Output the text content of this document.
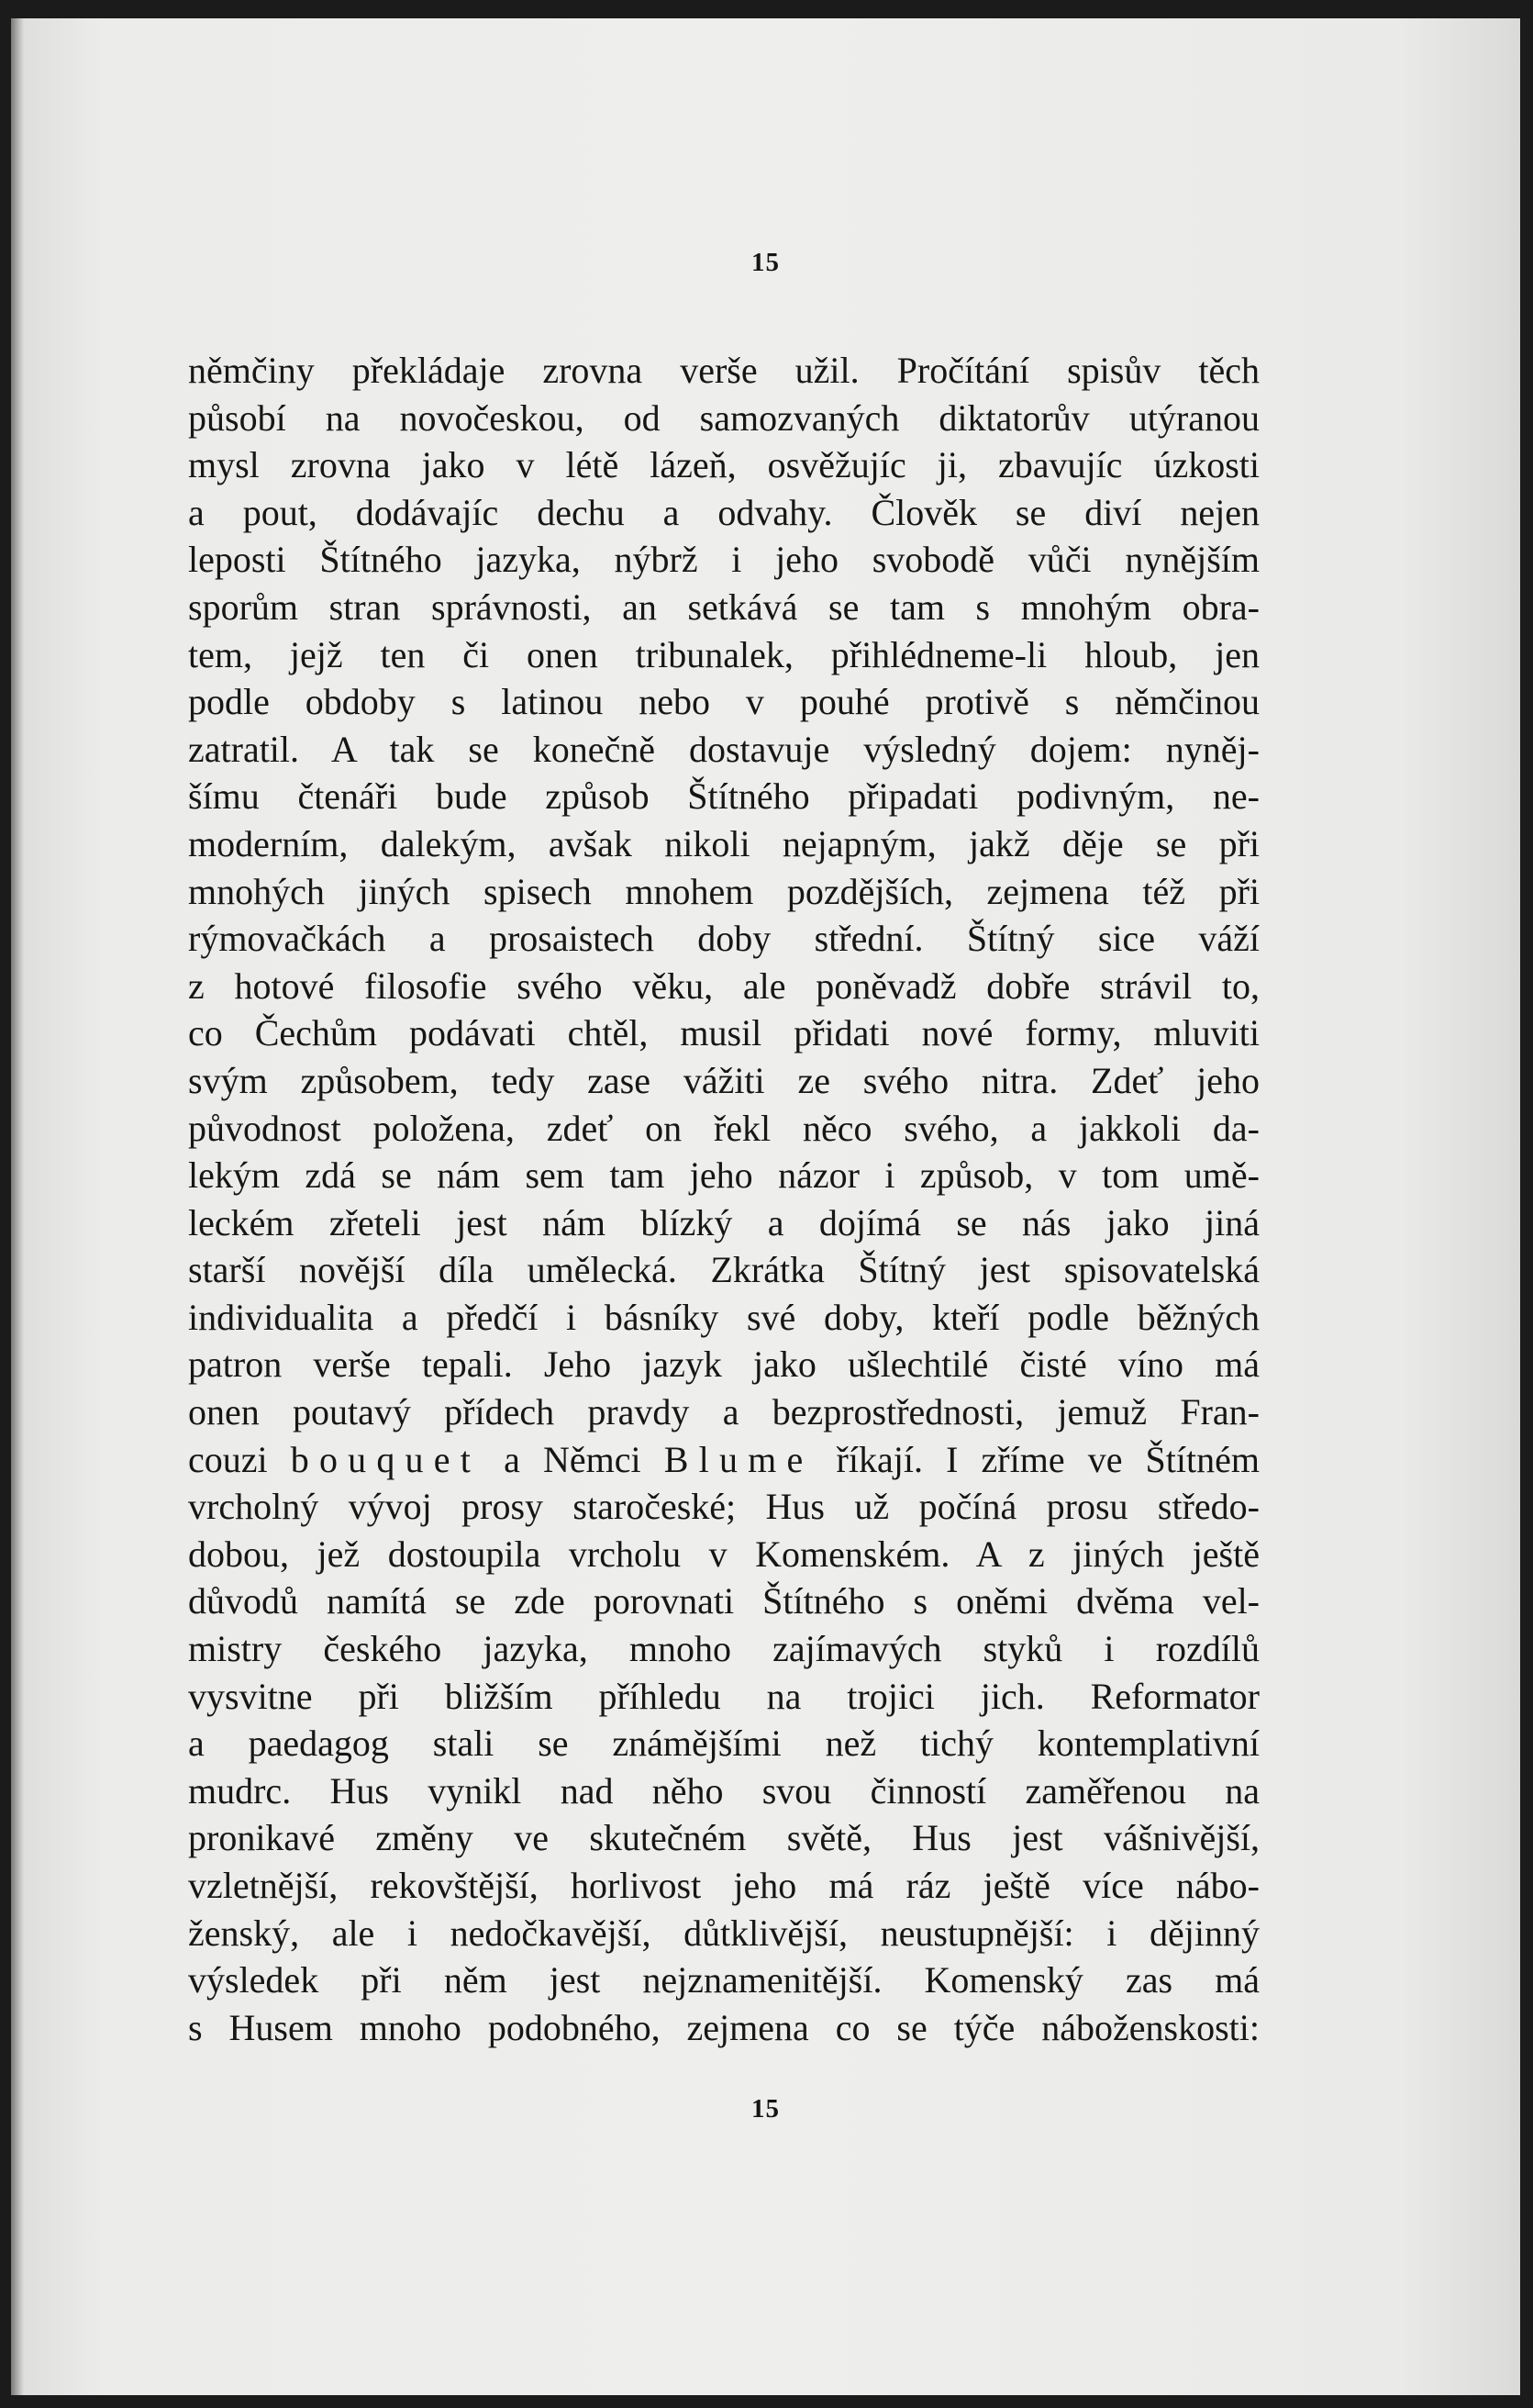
15
němčiny překládaje zrovna verše užil. Pročítání spisův těch
působí na novočeskou, od samozvaných diktatorův utýranou
mysl zrovna jako v létě lázeň, osvěžujíc ji, zbavujíc úzkosti
a pout, dodávajíc dechu a odvahy. Člověk se diví nejen
leposti Štítného jazyka, nýbrž i jeho svobodě vůči nynějším
sporům stran správnosti, an setkává se tam s mnohým obra-
tem, jejž ten či onen tribunalek, přihlédneme-li hloub, jen
podle obdoby s latinou nebo v pouhé protivě s němčinou
zatratil. A tak se konečně dostavuje výsledný dojem: nyněj-
šímu čtenáři bude způsob Štítného připadati podivným, ne-
moderním, dalekým, avšak nikoli nejapným, jakž děje se při
mnohých jiných spisech mnohem pozdějších, zejmena též při
rýmovačkách a prosaistech doby střední. Štítný sice váží
z hotové filosofie svého věku, ale poněvadž dobře strávil to,
co Čechům podávati chtěl, musil přidati nové formy, mluviti
svým způsobem, tedy zase vážiti ze svého nitra. Zdeť jeho
původnost položena, zdeť on řekl něco svého, a jakkoli da-
lekým zdá se nám sem tam jeho názor i způsob, v tom umě-
leckém zřeteli jest nám blízký a dojímá se nás jako jiná
starší novější díla umělecká. Zkrátka Štítný jest spisovatelská
individualita a předčí i básníky své doby, kteří podle běžných
patron verše tepali. Jeho jazyk jako ušlechtilé čisté víno má
onen poutavý přídech pravdy a bezprostřednosti, jemuž Fran-
couzi bouquet a Němci Blume říkají. I zříme ve Štítném
vrcholný vývoj prosy staročeské; Hus už počíná prosu středo-
dobou, jež dostoupila vrcholu v Komenském. A z jiných ještě
důvodů namítá se zde porovnati Štítného s oněmi dvěma vel-
mistry českého jazyka, mnoho zajímavých styků i rozdílů
vysvitne při bližším příhledu na trojici jich. Reformator
a paedagog stali se známějšími než tichý kontemplativní
mudrc. Hus vynikl nad něho svou činností zaměřenou na
pronikavé změny ve skutečném světě, Hus jest vášnivější,
vzletnější, rekovštější, horlivost jeho má ráz ještě více nábo-
ženský, ale i nedočkavější, důtklivější, neustupnější: i dějinný
výsledek při něm jest nejznamenitější. Komenský zas má
s Husem mnoho podobného, zejmena co se týče náboženskosti:
15
